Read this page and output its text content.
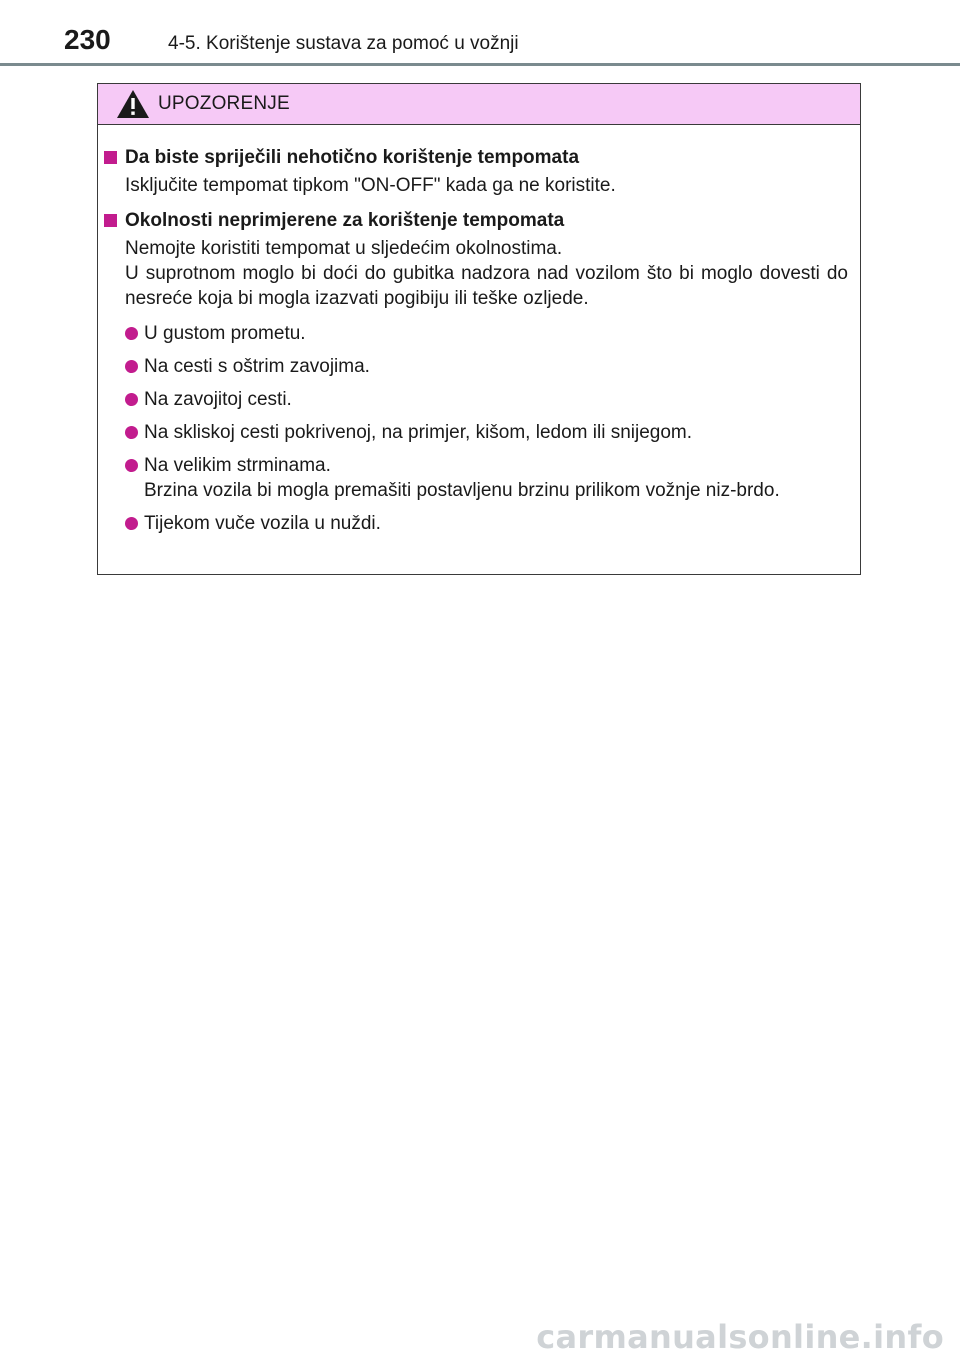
230	4-5. Korištenje sustava za pomoć u vožnji
UPOZORENJE
Da biste spriječili nehotično korištenje tempomata
Isključite tempomat tipkom "ON-OFF" kada ga ne koristite.
Okolnosti neprimjerene za korištenje tempomata
Nemojte koristiti tempomat u sljedećim okolnostima.
U suprotnom moglo bi doći do gubitka nadzora nad vozilom što bi moglo dovesti do nesreće koja bi mogla izazvati pogibiju ili teške ozljede.
U gustom prometu.
Na cesti s oštrim zavojima.
Na zavojitoj cesti.
Na skliskoj cesti pokrivenoj, na primjer, kišom, ledom ili snijegom.
Na velikim strminama.
Brzina vozila bi mogla premašiti postavljenu brzinu prilikom vožnje niz-brdo.
Tijekom vuče vozila u nuždi.
carmanualsonline.info
